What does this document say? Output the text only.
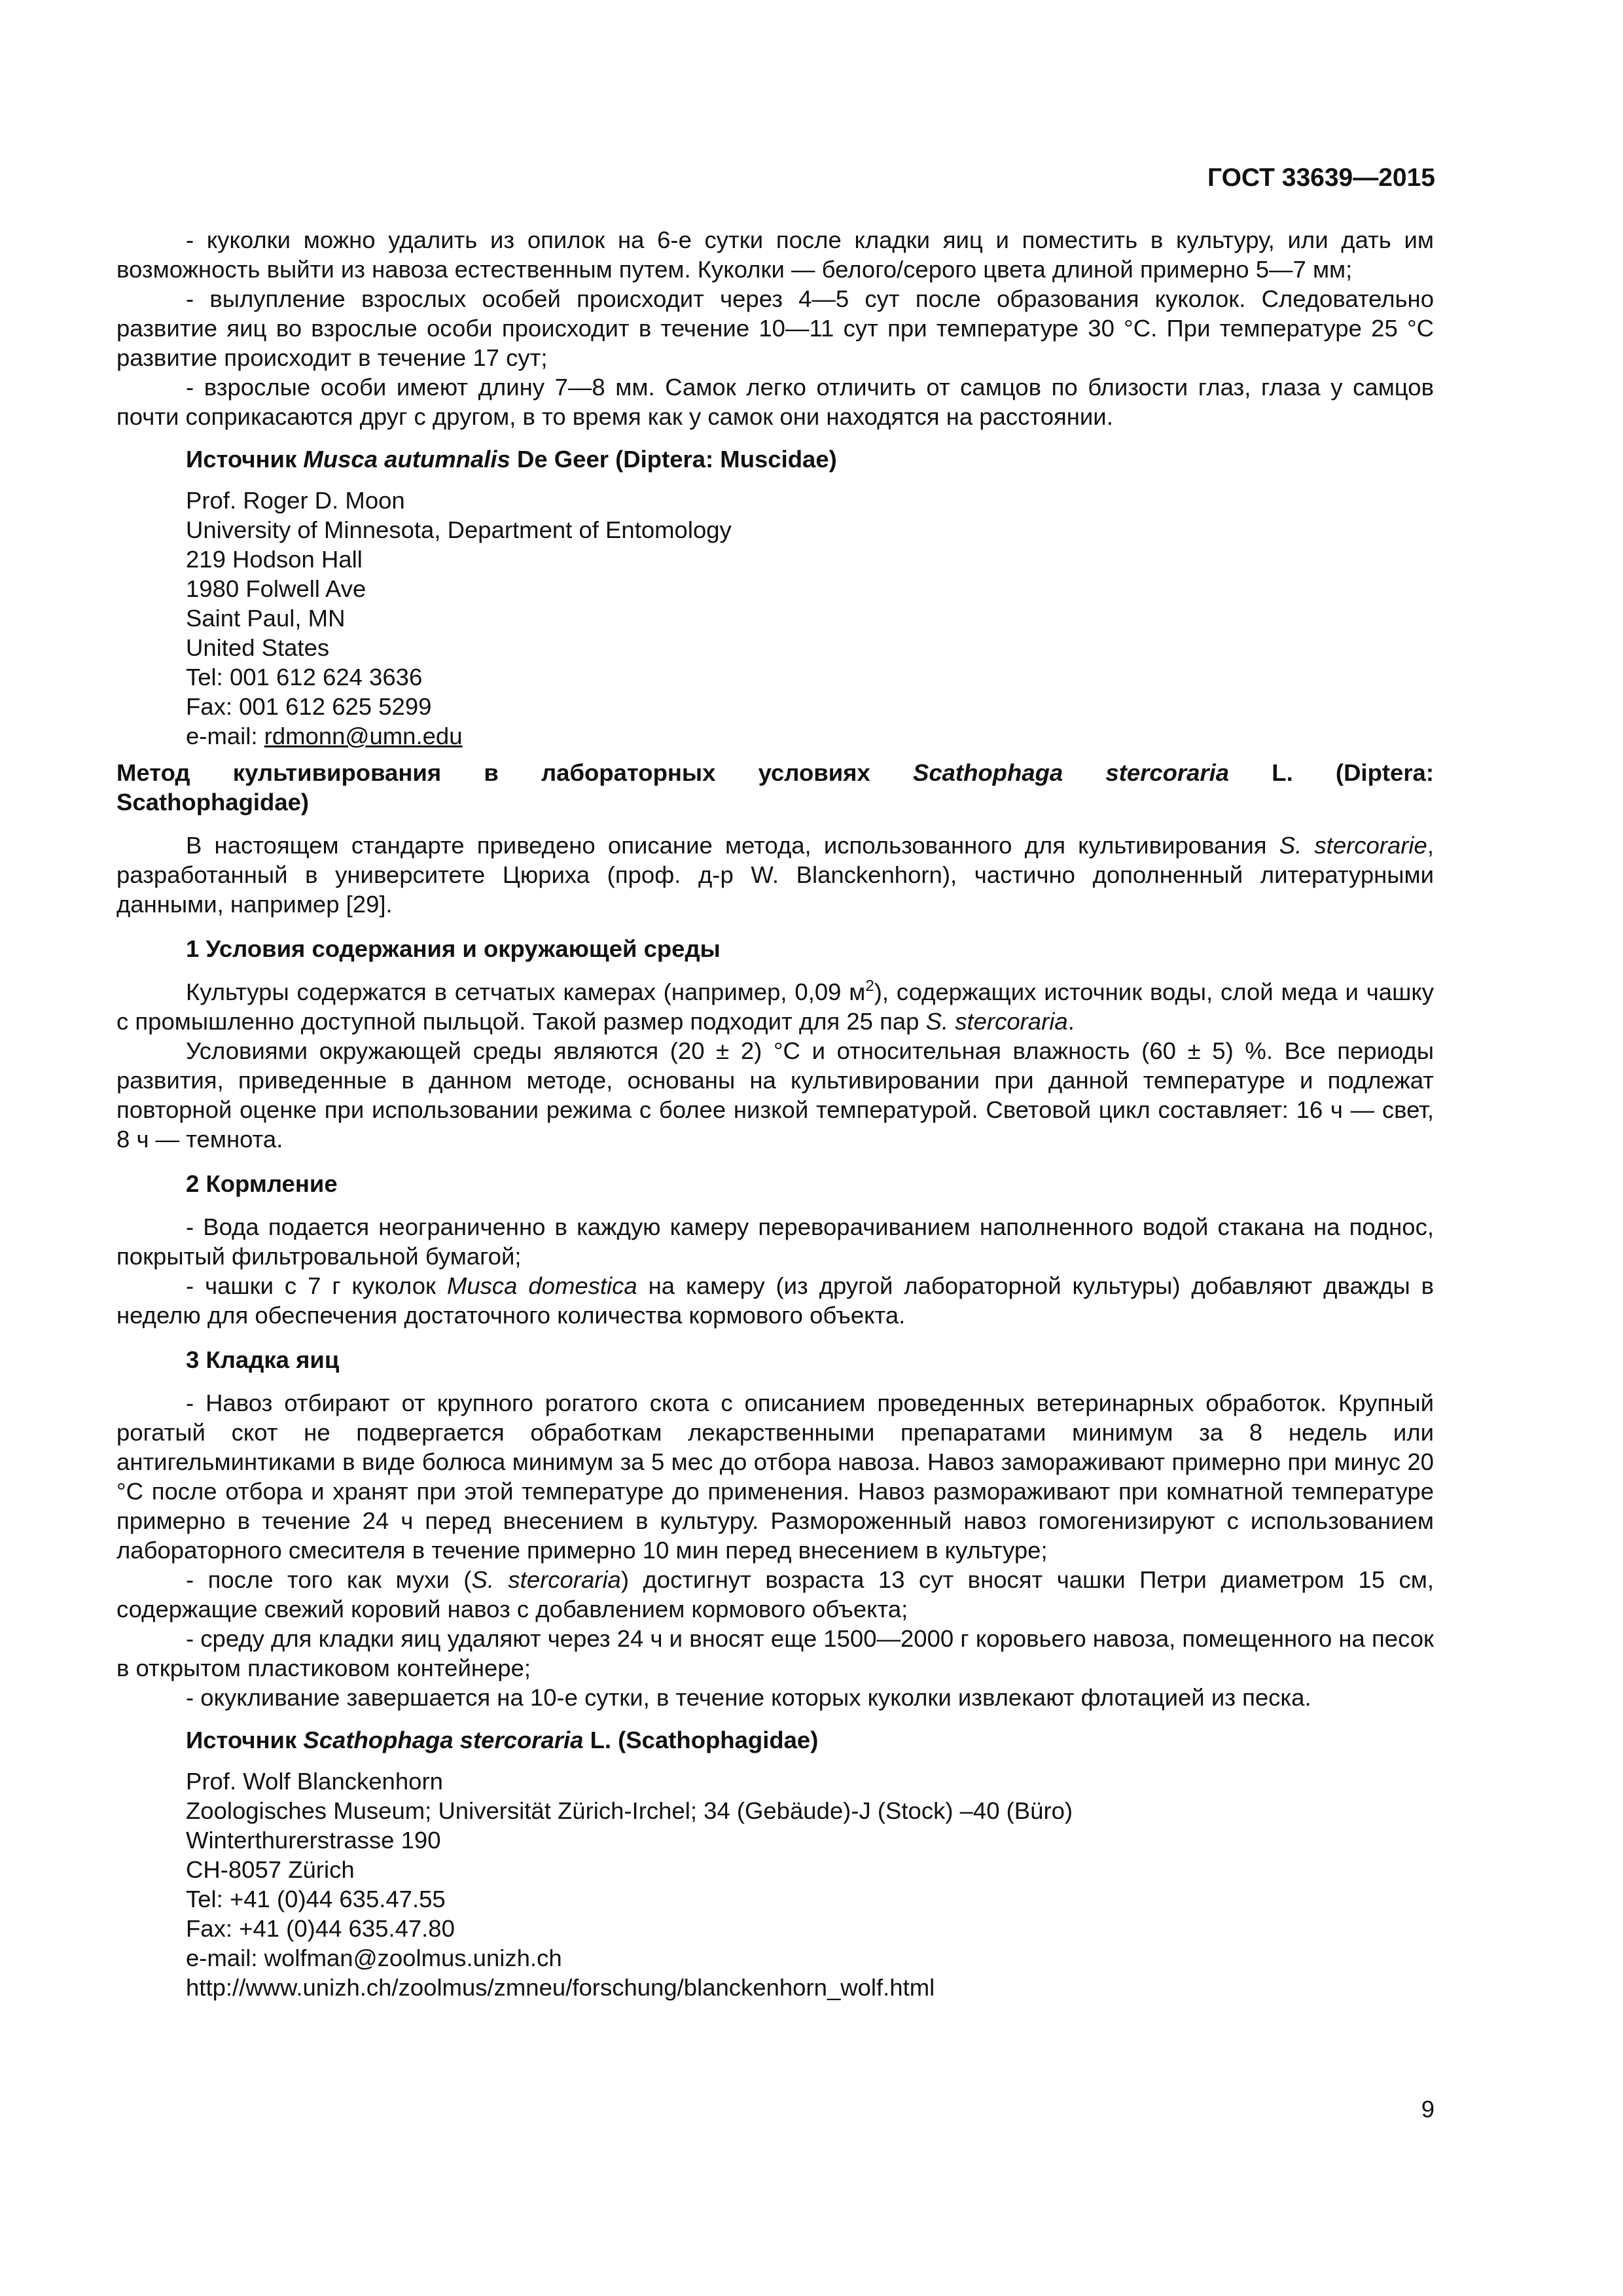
ГОСТ 33639—2015

- куколки можно удалить из опилок на 6-е сутки после кладки яиц и поместить в культуру, или дать им возможность выйти из навоза естественным путем. Куколки — белого/серого цвета длиной примерно 5—7 мм;

- вылупление взрослых особей происходит через 4—5 сут после образования куколок. Следовательно развитие яиц во взрослые особи происходит в течение 10—11 сут при температуре 30 °С. При температуре 25 °С развитие происходит в течение 17 сут;

- взрослые особи имеют длину 7—8 мм. Самок легко отличить от самцов по близости глаз, глаза у самцов почти соприкасаются друг с другом, в то время как у самок они находятся на расстоянии.

Источник Musca autumnalis De Geer (Diptera: Muscidae)

Prof. Roger D. Moon
University of Minnesota, Department of Entomology
219 Hodson Hall
1980 Folwell Ave
Saint Paul, MN
United States
Tel: 001 612 624 3636
Fax: 001 612 625 5299
e-mail: rdmonn@umn.edu
Метод культивирования в лабораторных условиях Scathophaga stercoraria L. (Diptera:
Scathophagidae)

В настоящем стандарте приведено описание метода, использованного для культивирования S. stercorarie, разработанный в университете Цюриха (проф. д-р W. Blanckenhorn), частично дополненный литературными данными, например [29].

1 Условия содержания и окружающей среды

Культуры содержатся в сетчатых камерах (например, 0,09 $м^2$), содержащих источник воды, слой меда и чашку с промышленно доступной пыльцой. Такой размер подходит для 25 пар S. stercoraria.

Условиями окружающей среды являются (20 ± 2) °С и относительная влажность (60 ± 5) %. Все периоды развития, приведенные в данном методе, основаны на культивировании при данной температуре и подлежат повторной оценке при использовании режима с более низкой температурой. Световой цикл составляет: 16 ч — свет, 8 ч — темнота.

2 Кормление

- Вода подается неограниченно в каждую камеру переворачиванием наполненного водой стакана на поднос, покрытый фильтровальной бумагой;

- чашки с 7 г куколок Musca domestica на камеру (из другой лабораторной культуры) добавляют дважды в неделю для обеспечения достаточного количества кормового объекта.

3 Кладка яиц

- Навоз отбирают от крупного рогатого скота с описанием проведенных ветеринарных обработок. Крупный рогатый скот не подвергается обработкам лекарственными препаратами минимум за 8 недель или антигельминтиками в виде болюса минимум за 5 мес до отбора навоза. Навоз замораживают примерно при минус 20 °С после отбора и хранят при этой температуре до применения. Навоз размораживают при комнатной температуре примерно в течение 24 ч перед внесением в культуру. Размороженный навоз гомогенизируют с использованием лабораторного смесителя в течение примерно 10 мин перед внесением в культуре;

- после того как мухи (S. stercoraria) достигнут возраста 13 сут вносят чашки Петри диаметром 15 см, содержащие свежий коровий навоз с добавлением кормового объекта;

- среду для кладки яиц удаляют через 24 ч и вносят еще 1500—2000 г коровьего навоза, помещенного на песок в открытом пластиковом контейнере;

- окукливание завершается на 10-е сутки, в течение которых куколки извлекают флотацией из песка.

Источник Scathophaga stercoraria L. (Scathophagidae)

Prof. Wolf Blanckenhorn
Zoologisches Museum; Universität Zürich-Irchel; 34 (Gebäude)-J (Stock) –40 (Büro)
Winterthurerstrasse 190
CH-8057 Zürich
Tel: +41 (0)44 635.47.55
Fax: +41 (0)44 635.47.80
e-mail: wolfman@zoolmus.unizh.ch
http://www.unizh.ch/zoolmus/zmneu/forschung/blanckenhorn_wolf.html
9
